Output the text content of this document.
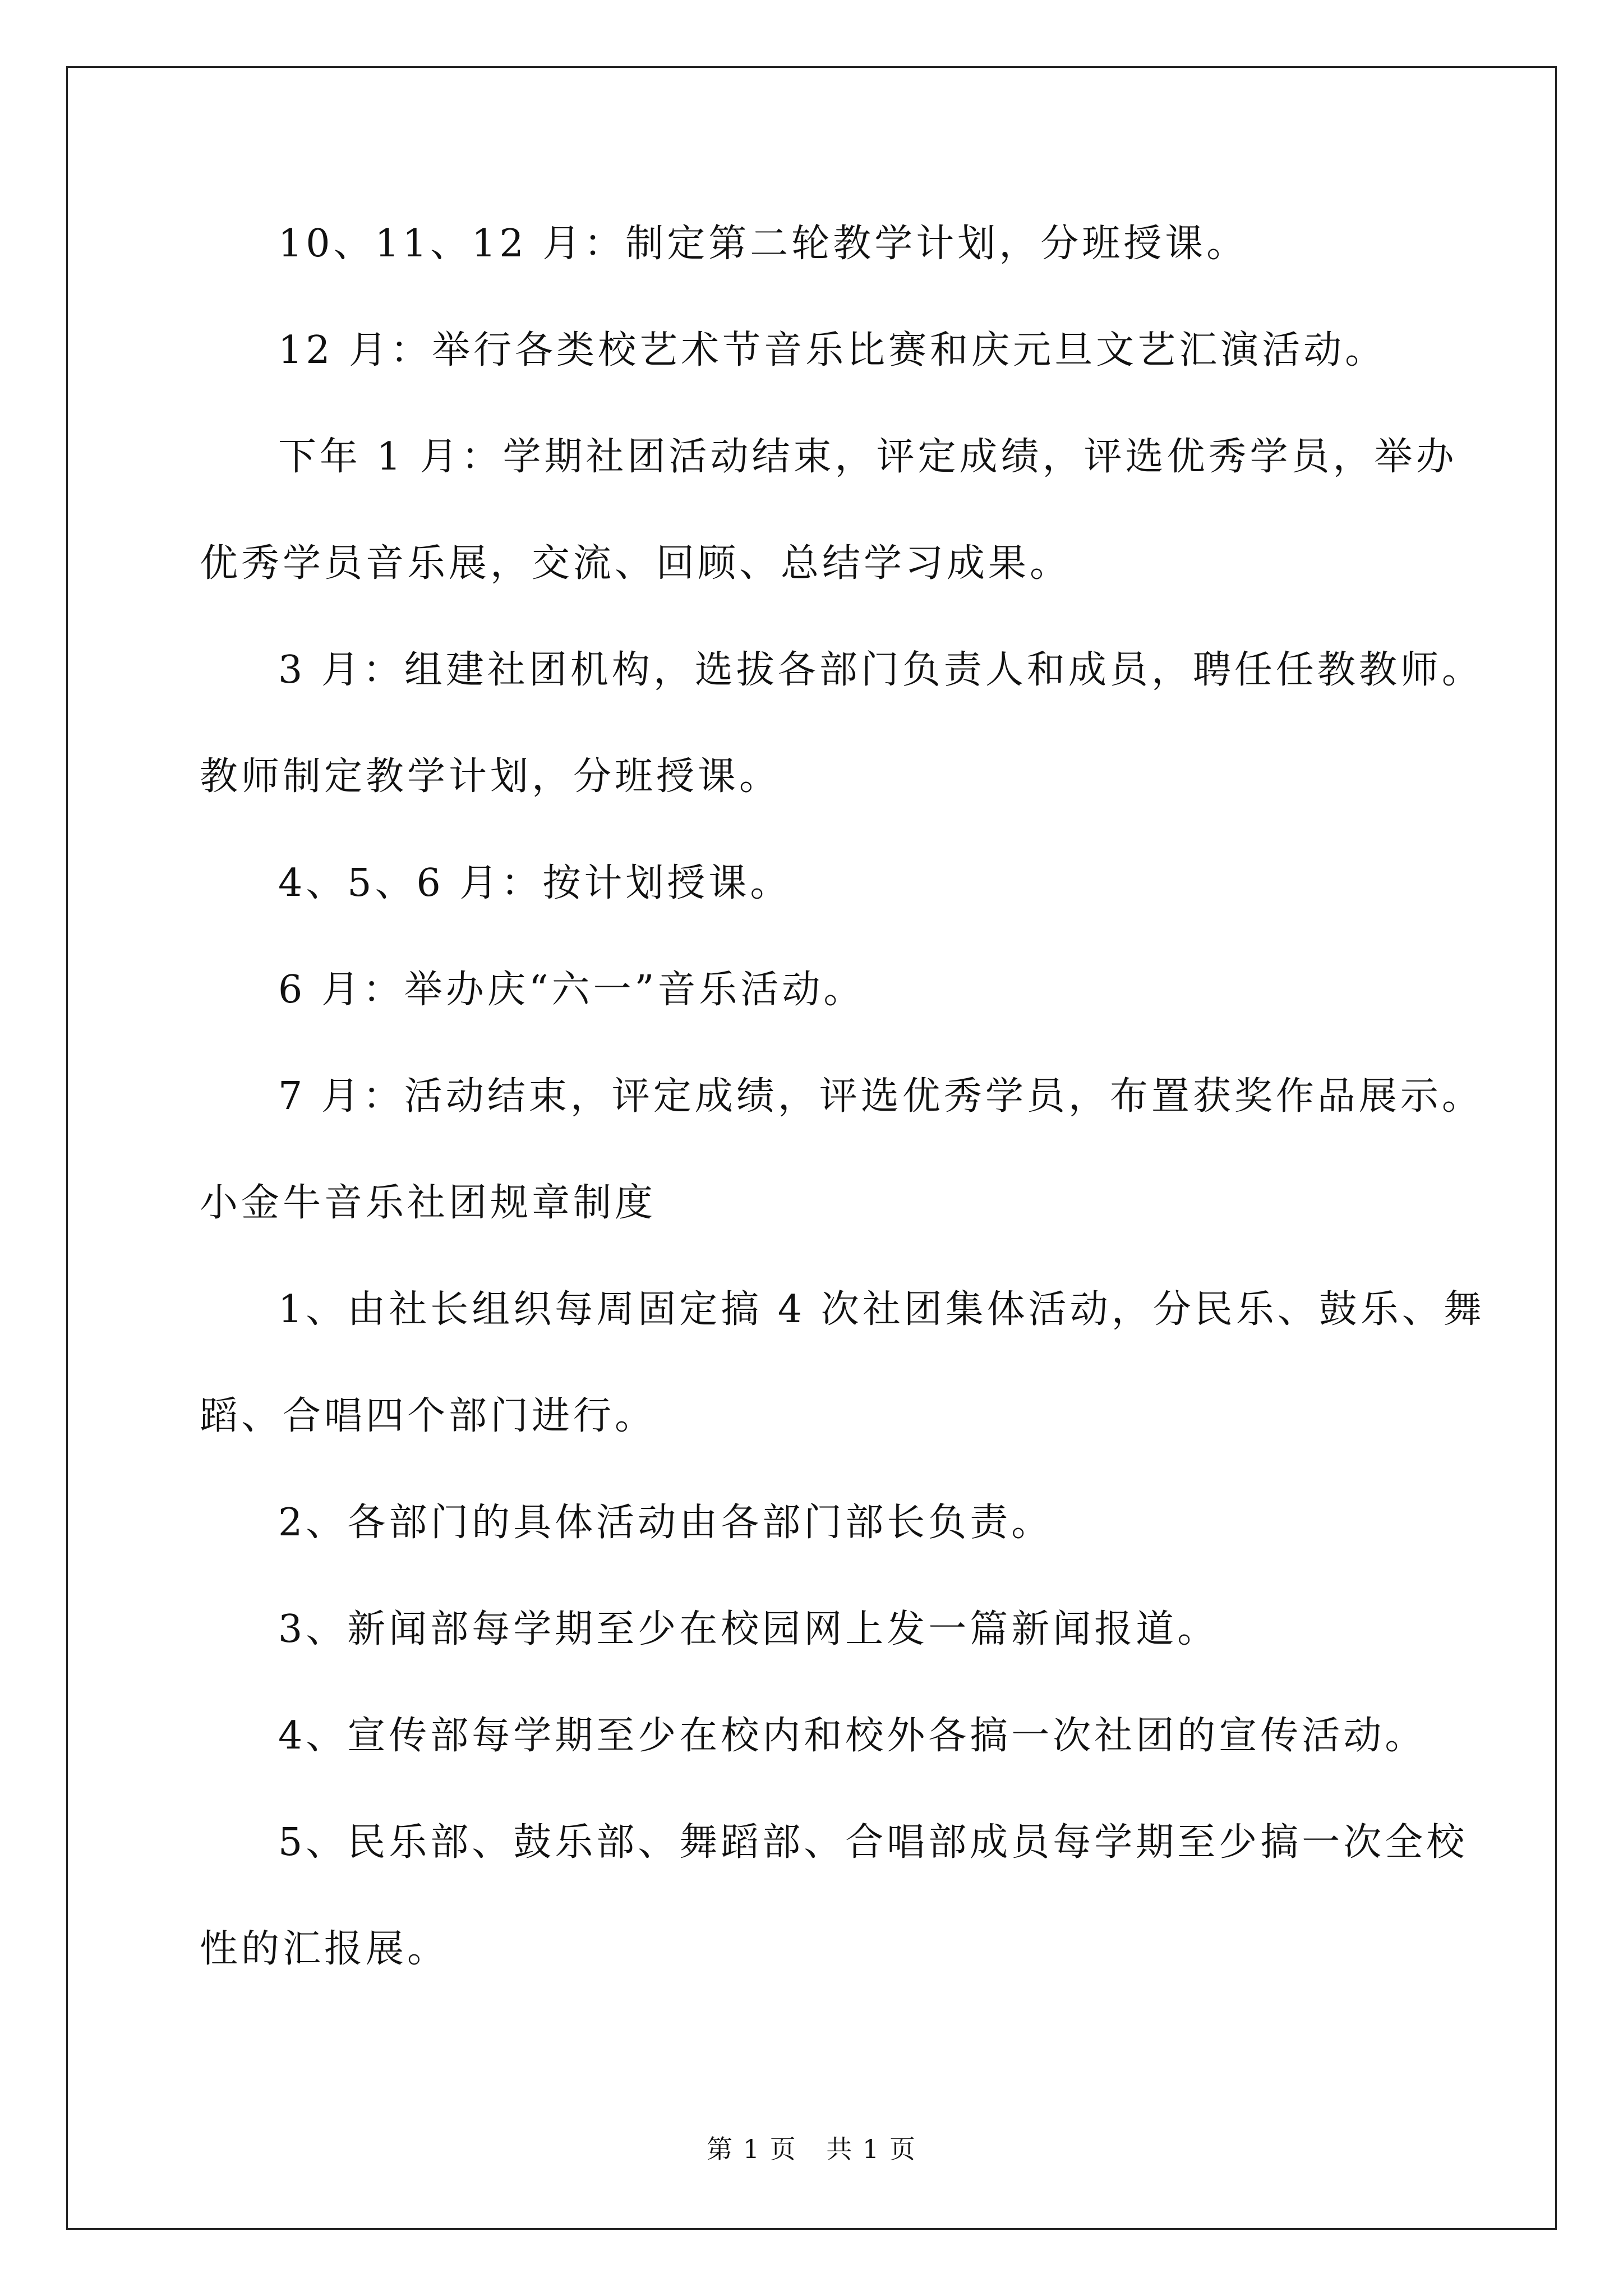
10、11、12 月：制定第二轮教学计划，分班授课。
12 月：举行各类校艺术节音乐比赛和庆元旦文艺汇演活动。
下年 1 月：学期社团活动结束，评定成绩，评选优秀学员，举办
优秀学员音乐展，交流、回顾、总结学习成果。
3 月：组建社团机构，选拔各部门负责人和成员，聘任任教教师。
教师制定教学计划，分班授课。
4、5、6 月：按计划授课。
6 月：举办庆“六一”音乐活动。
7 月：活动结束，评定成绩，评选优秀学员，布置获奖作品展示。
小金牛音乐社团规章制度
1、由社长组织每周固定搞 4 次社团集体活动，分民乐、鼓乐、舞
蹈、合唱四个部门进行。
2、各部门的具体活动由各部门部长负责。
3、新闻部每学期至少在校园网上发一篇新闻报道。
4、宣传部每学期至少在校内和校外各搞一次社团的宣传活动。
5、民乐部、鼓乐部、舞蹈部、合唱部成员每学期至少搞一次全校
性的汇报展。
第 1 页 共 1 页
